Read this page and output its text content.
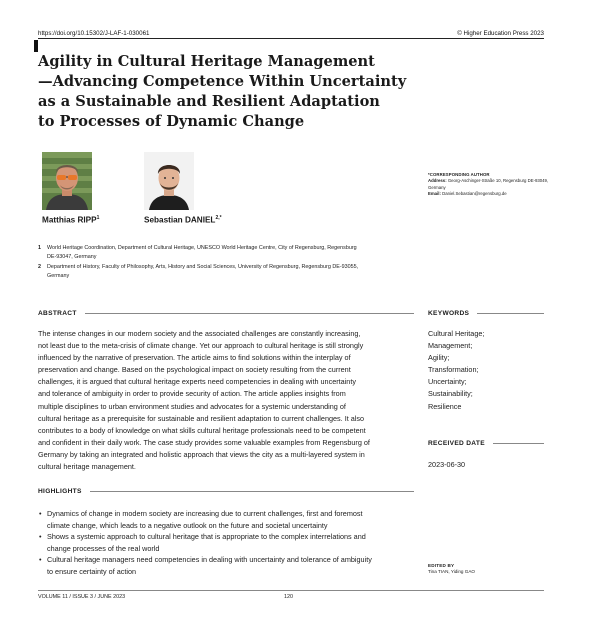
https://doi.org/10.15302/J-LAF-1-030061	© Higher Education Press 2023
Agility in Cultural Heritage Management
—Advancing Competence Within Uncertainty
as a Sustainable and Resilient Adaptation
to Processes of Dynamic Change
Matthias RIPP$^1$	Sebastian $DANIEL^{2,*}$
*CORRESPONDING AUTHOR
Address: Georg-Aschinger-Straße 10, Regensburg DE-93049, Germany
Email: Daniel.Sebastian@regensburg.de
1 World Heritage Coordination, Department of Cultural Heritage, UNESCO World Heritage Centre, City of Regensburg, Regensburg
DE-93047, Germany
2 Department of History, Faculty of Philosophy, Arts, History and Social Sciences, University of Regensburg, Regensburg DE-93055,
Germany
ABSTRACT
The intense changes in our modern society and the associated challenges are constantly increasing,
not least due to the meta-crisis of climate change. Yet our approach to cultural heritage is still strongly
influenced by the narrative of preservation. The article aims to find solutions within the interplay of
preservation and change. Based on the psychological impact on society resulting from the current
challenges, it is argued that cultural heritage experts need competencies in dealing with uncertainty
and tolerance of ambiguity in order to provide security of action. The article applies insights from
multiple disciplines to urban environment studies and advocates for a systemic understanding of
cultural heritage as a prerequisite for sustainable and resilient adaptation to current challenges. It also
contributes to a body of knowledge on what skills cultural heritage professionals need to be competent
and confident in their daily work. The case study provides some valuable examples from Regensburg of
Germany by taking an integrated and holistic approach that views the city as a multi-layered system in
cultural heritage management.
KEYWORDS
Cultural Heritage;
Management;
Agility;
Transformation;
Uncertainty;
Sustainability;
Resilience
RECEIVED DATE
2023-06-30
HIGHLIGHTS
• Dynamics of change in modern society are increasing due to current challenges, first and foremost
climate change, which leads to a negative outlook on the future and societal uncertainty
• Shows a systemic approach to cultural heritage that is appropriate to the complex interrelations and
change processes of the real world
• Cultural heritage managers need competencies in dealing with uncertainty and tolerance of ambiguity
to ensure certainty of action
EDITED BY
Tina TIAN, Yiding GAO
VOLUME 11 / ISSUE 3 / JUNE 2023	120
